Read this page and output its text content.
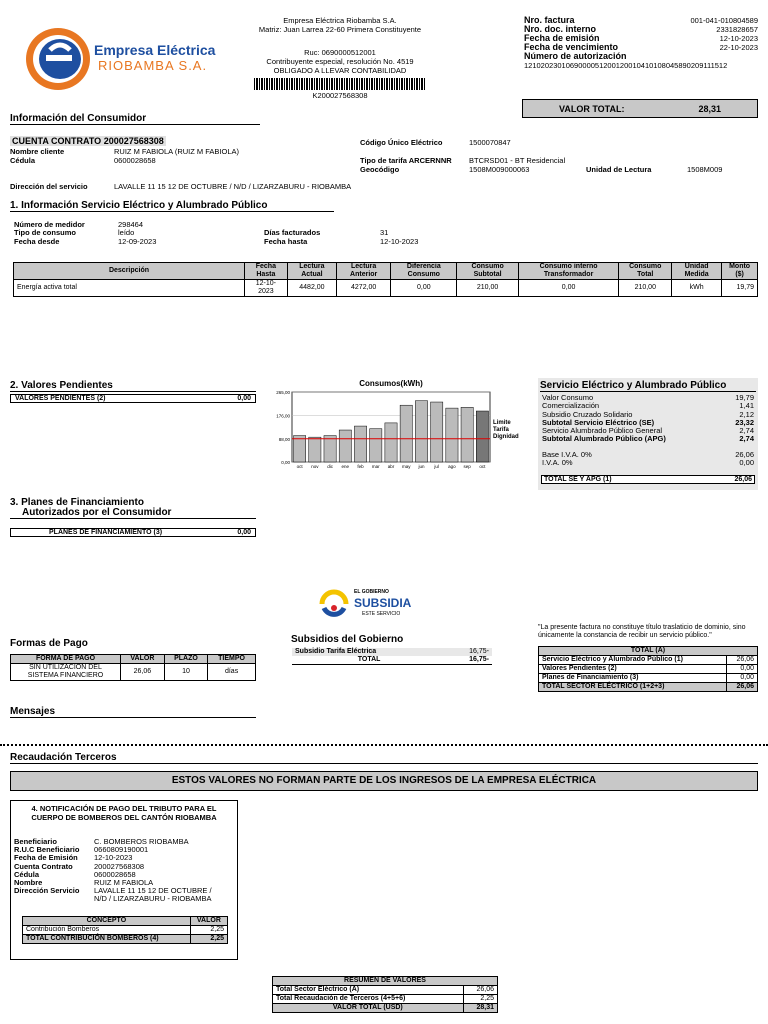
Empresa Eléctrica
RIOBAMBA S.A.
Empresa Eléctrica Riobamba S.A.
Matriz: Juan Larrea 22-60 Primera Constituyente
Ruc: 0690000512001
Contribuyente especial, resolución No. 4519
OBLIGADO A LLEVAR CONTABILIDAD
K200027568308
Nro. factura	001-041-010804589
Nro. doc. interno	2331828657
Fecha de emisión	12-10-2023
Fecha de vencimiento	22-10-2023
Número de autorización
1210202301069000051200120010410108045890209111512
VALOR TOTAL:	28,31
Información del Consumidor
CUENTA CONTRATO 200027568308
Nombre cliente	RUIZ M FABIOLA (RUIZ M FABIOLA)
Cédula	0600028658
Código Único Eléctrico	1500070847
Tipo de tarifa ARCERNNR BTCRSD01 - BT Residencial
Geocódigo	1508M009000063	Unidad de Lectura	1508M009
Dirección del servicio	LAVALLE 11 15 12 DE OCTUBRE / N/D / LIZARZABURU - RIOBAMBA
1. Información Servicio Eléctrico y Alumbrado Público
Número de medidor	298464
Tipo de consumo	leído
Fecha desde	12-09-2023
Días facturados	31
Fecha hasta	12-10-2023
Descripción	Fecha Hasta	Lectura Actual	Lectura Anterior	Diferencia Consumo	Consumo Subtotal	Consumo interno Transformador	Consumo Total	Unidad Medida	Monto ($)
Energía activa total	12-10-2023	4482,00	4272,00	0,00	210,00	0,00	210,00	kWh	19,79
2. Valores Pendientes
VALORES PENDIENTES (2)	0,00
3. Planes de Financiamiento
Autorizados por el Consumidor
PLANES DE FINANCIAMIENTO (3)	0,00
Consumos(kWh)
265,00
176,00
88,00
0,00
oct nov dic ene feb mar abr may jun jul ago sep oct
Limite
Tarifa
Dignidad
Servicio Eléctrico y Alumbrado Público
Valor Consumo	19,79
Comercialización	1,41
Subsidio Cruzado Solidario	2,12
Subtotal Servicio Eléctrico (SE)	23,32
Servicio Alumbrado Público General	2,74
Subtotal Alumbrado Público (APG)	2,74
Base I.V.A. 0%	26,06
I.V.A. 0%	0,00
TOTAL SE Y APG (1)	26,06
EL GOBIERNO
SUBSIDIA
ESTE SERVICIO
Subsidios del Gobierno
Subsidio Tarifa Eléctrica	16,75-
TOTAL	16,75-
Formas de Pago
FORMA DE PAGO	VALOR	PLAZO	TIEMPO
SIN UTILIZACION DEL SISTEMA FINANCIERO	26,06	10	días
"La presente factura no constituye título traslaticio de dominio, sino únicamente la constancia de recibir un servicio público."
TOTAL (A)	
Servicio Eléctrico y Alumbrado Público (1)	26,06
Valores Pendientes (2)	0,00
Planes de Financiamiento (3)	0,00
TOTAL SECTOR ELÉCTRICO (1+2+3)	26,06
Mensajes
Recaudación Terceros
ESTOS VALORES NO FORMAN PARTE DE LOS INGRESOS DE LA EMPRESA ELÉCTRICA
4. NOTIFICACIÓN DE PAGO DEL TRIBUTO PARA EL CUERPO DE BOMBEROS DEL CANTÓN RIOBAMBA
Beneficiario	C. BOMBEROS RIOBAMBA
R.U.C Beneficiario	0660809190001
Fecha de Emisión	12-10-2023
Cuenta Contrato	200027568308
Cédula	0600028658
Nombre	RUIZ M FABIOLA
Dirección Servicio	LAVALLE 11 15 12 DE OCTUBRE / N/D / LIZARZABURU - RIOBAMBA
CONCEPTO	VALOR
Contribución Bomberos	2,25
TOTAL CONTRIBUCIÓN BOMBEROS (4)	2,25
RESUMEN DE VALORES	
Total Sector Eléctrico (A)	26,06
Total Recaudación de Terceros (4+5+6)	2,25
VALOR TOTAL (USD)	28,31
